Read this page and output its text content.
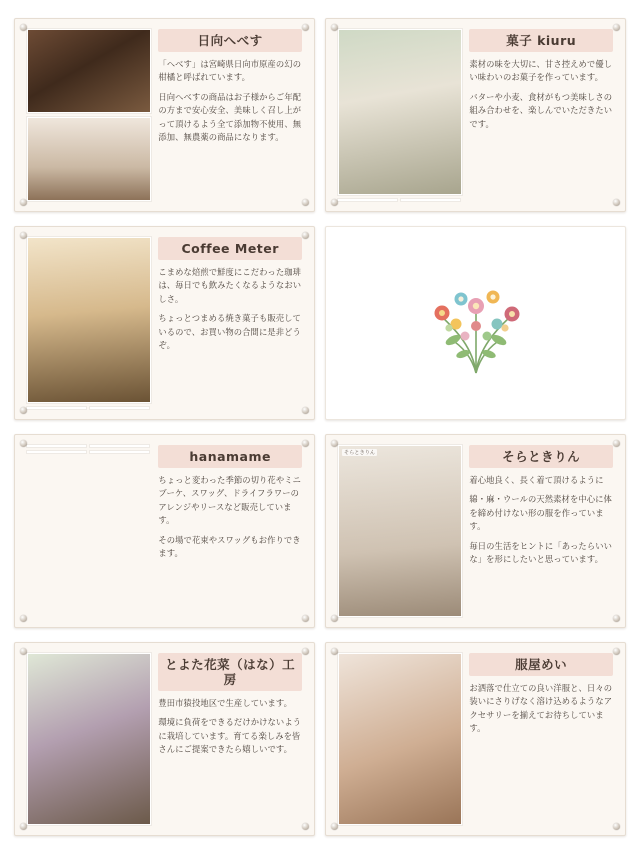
日向へべす

「へべす」は宮崎県日向市原産の幻の柑橘と呼ばれています。

日向へべすの商品はお子様からご年配の方まで安心安全、美味しく召し上がって頂けるよう全て添加物不使用、無添加、無農薬の商品になります。

菓子 kiuru

素材の味を大切に、甘さ控えめで優しい味わいのお菓子を作っています。

バターや小麦、食材がもつ美味しさの組み合わせを、楽しんでいただきたいです。

Coffee Meter

こまめな焙煎で鮮度にこだわった珈琲は、毎日でも飲みたくなるようなおいしさ。

ちょっとつまめる焼き菓子も販売しているので、お買い物の合間に是非どうぞ。

hanamame

ちょっと変わった季節の切り花やミニブーケ、スワッグ、ドライフラワーのアレンジやリースなど販売しています。

その場で花束やスワッグもお作りできます。

そらときりん	そらときりん

着心地良く、長く着て頂けるように

綿・麻・ウールの天然素材を中心に体を締め付けない形の服を作っています。

毎日の生活をヒントに「あったらいいな」を形にしたいと思っています。

とよた花菜（はな）工房

豊田市猿投地区で生産しています。

環境に負荷をできるだけかけないように栽培しています。育てる楽しみを皆さんにご提案できたら嬉しいです。

服屋めい

お洒落で仕立ての良い洋服と、日々の装いにさりげなく溶け込めるようなアクセサリーを揃えてお待ちしています。
